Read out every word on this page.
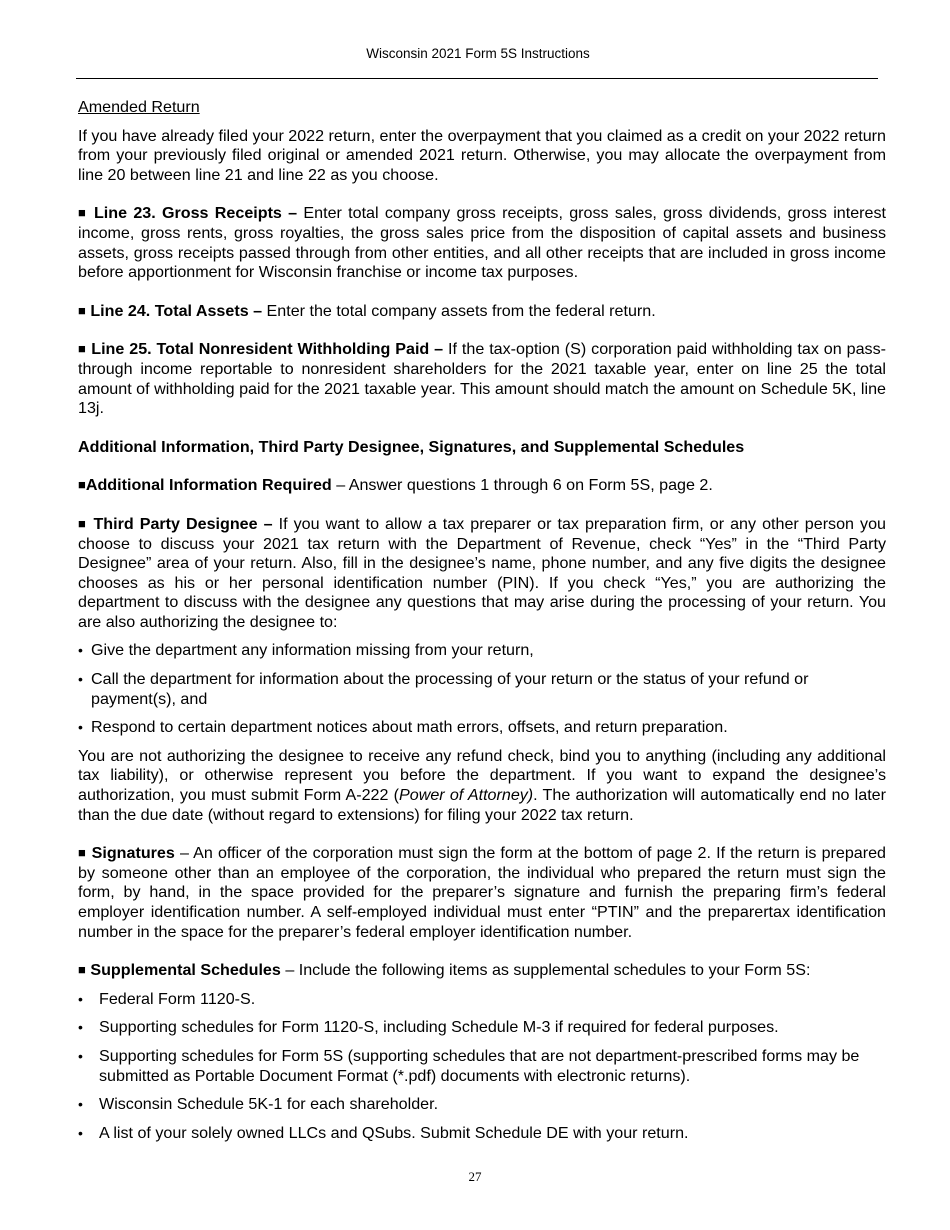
Wisconsin 2021 Form 5S Instructions

Amended Return

If you have already filed your 2022 return, enter the overpayment that you claimed as a credit on your 2022 return from your previously filed original or amended 2021 return. Otherwise, you may allocate the overpayment from line 20 between line 21 and line 22 as you choose.

■ Line 23. Gross Receipts – Enter total company gross receipts, gross sales, gross dividends, gross interest income, gross rents, gross royalties, the gross sales price from the disposition of capital assets and business assets, gross receipts passed through from other entities, and all other receipts that are included in gross income before apportionment for Wisconsin franchise or income tax purposes.

■ Line 24. Total Assets – Enter the total company assets from the federal return.

■ Line 25. Total Nonresident Withholding Paid – If the tax-option (S) corporation paid withholding tax on pass-through income reportable to nonresident shareholders for the 2021 taxable year, enter on line 25 the total amount of withholding paid for the 2021 taxable year. This amount should match the amount on Schedule 5K, line 13j.

Additional Information, Third Party Designee, Signatures, and Supplemental Schedules

■Additional Information Required – Answer questions 1 through 6 on Form 5S, page 2.

■ Third Party Designee – If you want to allow a tax preparer or tax preparation firm, or any other person you choose to discuss your 2021 tax return with the Department of Revenue, check “Yes” in the “Third Party Designee” area of your return. Also, fill in the designee’s name, phone number, and any five digits the designee chooses as his or her personal identification number (PIN). If you check “Yes,” you are authorizing the department to discuss with the designee any questions that may arise during the processing of your return. You are also authorizing the designee to:

• Give the department any information missing from your return,
• Call the department for information about the processing of your return or the status of your refund or payment(s), and
• Respond to certain department notices about math errors, offsets, and return preparation.

You are not authorizing the designee to receive any refund check, bind you to anything (including any additional tax liability), or otherwise represent you before the department. If you want to expand the designee’s authorization, you must submit Form A-222 (Power of Attorney). The authorization will automatically end no later than the due date (without regard to extensions) for filing your 2022 tax return.

■ Signatures – An officer of the corporation must sign the form at the bottom of page 2. If the return is prepared by someone other than an employee of the corporation, the individual who prepared the return must sign the form, by hand, in the space provided for the preparer’s signature and furnish the preparing firm’s federal employer identification number. A self-employed individual must enter “PTIN” and the preparertax identification number in the space for the preparer’s federal employer identification number.

■ Supplemental Schedules – Include the following items as supplemental schedules to your Form 5S:

• Federal Form 1120-S.
• Supporting schedules for Form 1120-S, including Schedule M-3 if required for federal purposes.
• Supporting schedules for Form 5S (supporting schedules that are not department-prescribed forms may be submitted as Portable Document Format (*.pdf) documents with electronic returns).
• Wisconsin Schedule 5K-1 for each shareholder.
• A list of your solely owned LLCs and QSubs. Submit Schedule DE with your return.
27
